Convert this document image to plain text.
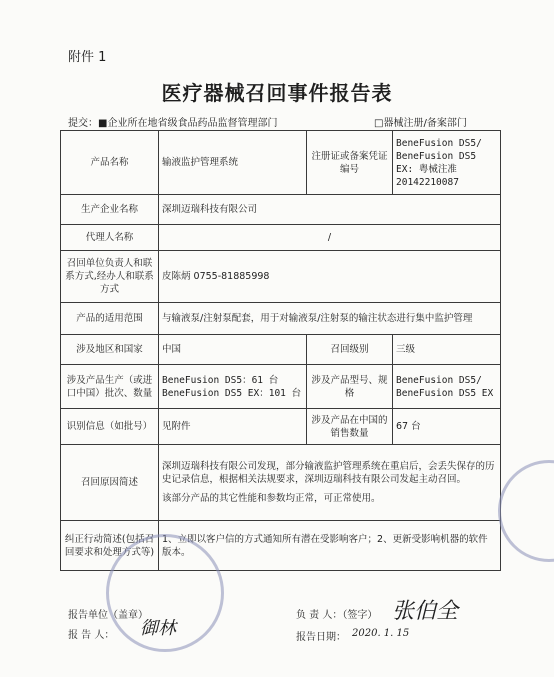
附件 1
医疗器械召回事件报告表
提交：■企业所在地省级食品药品监督管理部门	□器械注册/备案部门
产品名称	输液监护管理系统	注册证或备案凭证编号	BeneFusion DS5/ BeneFusion DS5 EX: 粤械注准 20142210087
生产企业名称	深圳迈瑞科技有限公司		
代理人名称	/		
召回单位负责人和联系方式,经办人和联系方式	皮陈炳 0755-81885998		
产品的适用范围	与输液泵/注射泵配套，用于对输液泵/注射泵的输注状态进行集中监护管理		
涉及地区和国家	中国	召回级别	三级
涉及产品生产（或进口中国）批次、数量	BeneFusion DS5：61 台 BeneFusion DS5 EX：101 台	涉及产品型号、规格	BeneFusion DS5/ BeneFusion DS5 EX
识别信息（如批号）	见附件	涉及产品在中国的销售数量	67 台
召回原因简述	深圳迈瑞科技有限公司发现，部分输液监护管理系统在重启后，会丢失保存的历史记录信息，根据相关法规要求，深圳迈瑞科技有限公司发起主动召回。
该部分产品的其它性能和参数均正常，可正常使用。		

纠正行动简述(包括召回要求和处理方式等)	1、立即以客户信的方式通知所有潜在受影响客户；2、更新受影响机器的软件版本。		
报告单位（盖章）
报 告 人：
负 责 人：（签字）
报告日期： 2020. 1. 15
张伯全
御林
